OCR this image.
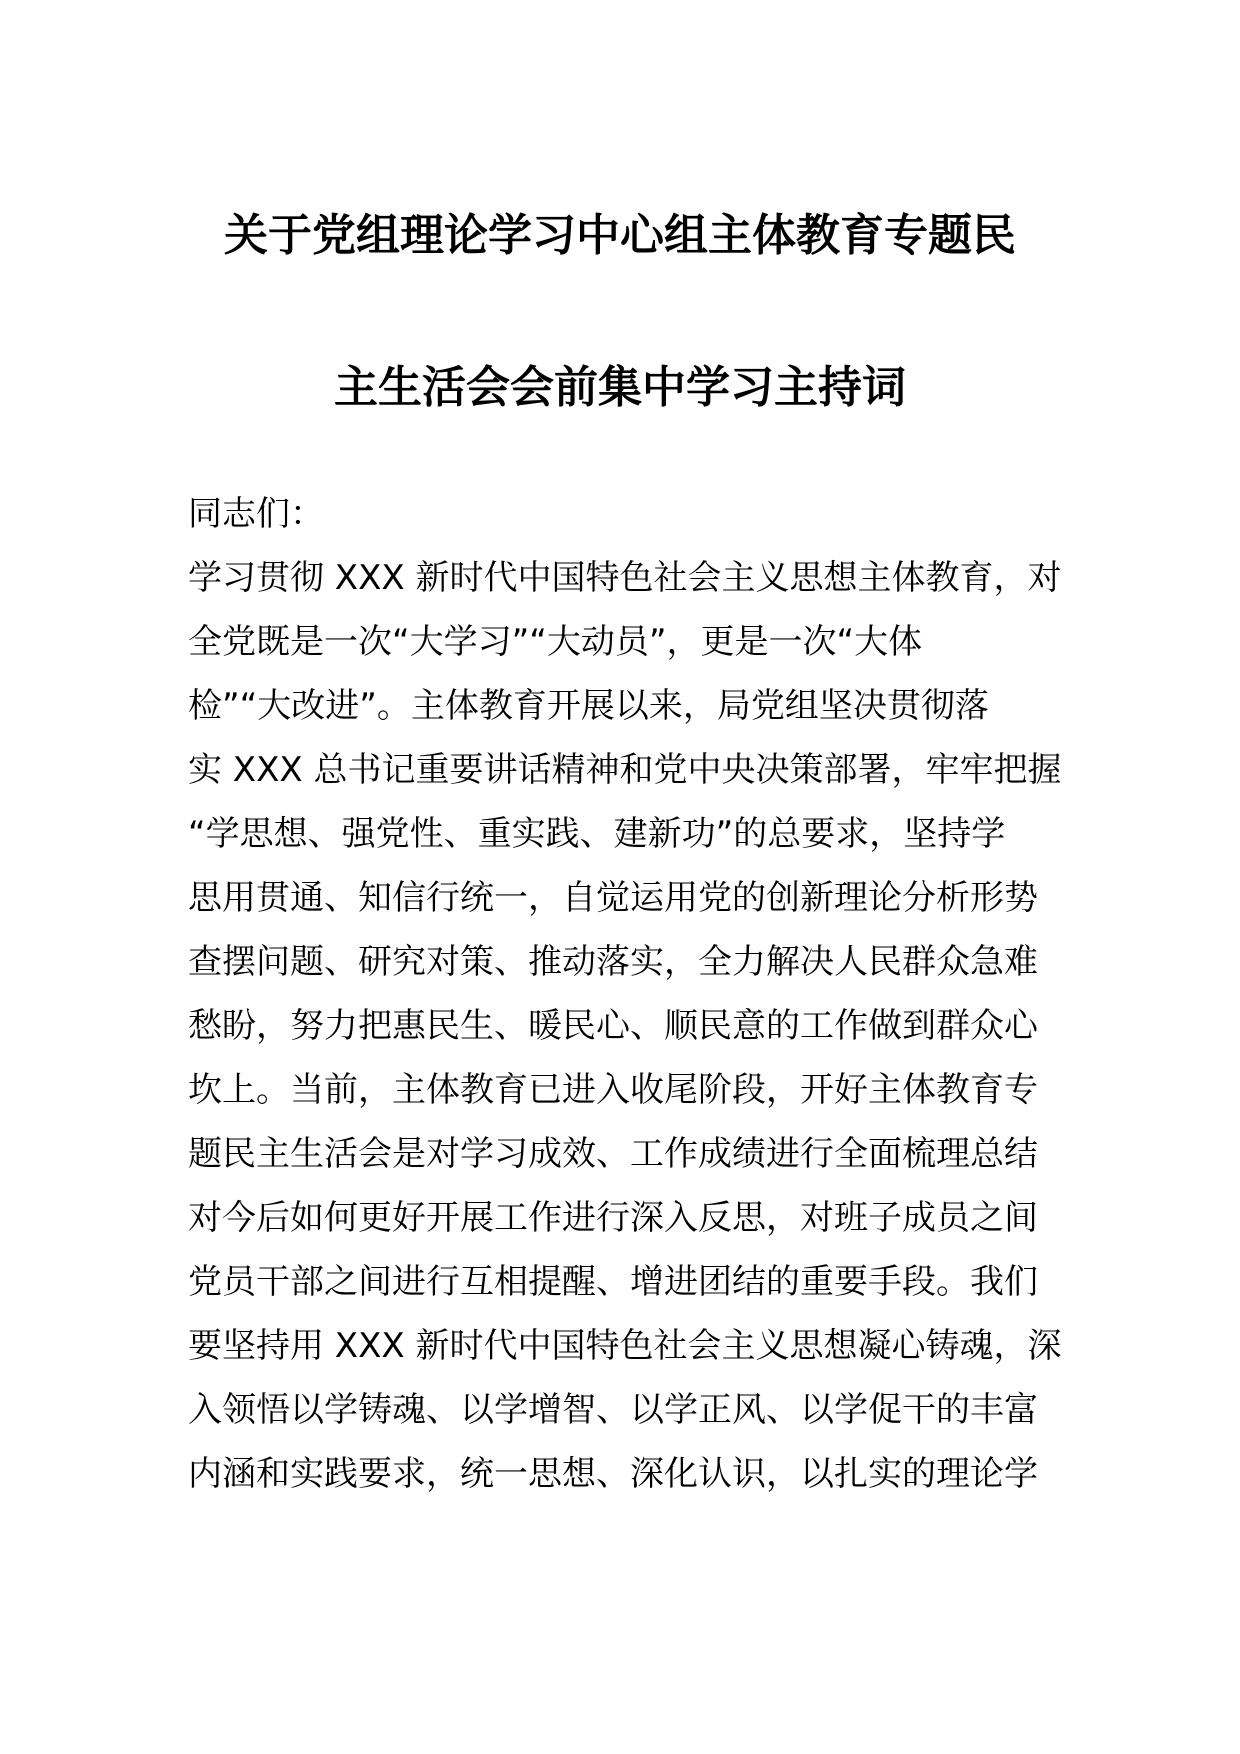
关于党组理论学习中心组主体教育专题民
主生活会会前集中学习主持词
同志们：
学习贯彻 XXX 新时代中国特色社会主义思想主体教育，对
全党既是一次“大学习”“大动员”，更是一次“大体
检”“大改进”。主体教育开展以来，局党组坚决贯彻落
实 XXX 总书记重要讲话精神和党中央决策部署，牢牢把握
“学思想、强党性、重实践、建新功”的总要求，坚持学
思用贯通、知信行统一，自觉运用党的创新理论分析形势
查摆问题、研究对策、推动落实，全力解决人民群众急难
愁盼，努力把惠民生、暖民心、顺民意的工作做到群众心
坎上。当前，主体教育已进入收尾阶段，开好主体教育专
题民主生活会是对学习成效、工作成绩进行全面梳理总结
对今后如何更好开展工作进行深入反思，对班子成员之间
党员干部之间进行互相提醒、增进团结的重要手段。我们
要坚持用 XXX 新时代中国特色社会主义思想凝心铸魂，深
入领悟以学铸魂、以学增智、以学正风、以学促干的丰富
内涵和实践要求，统一思想、深化认识，以扎实的理论学
